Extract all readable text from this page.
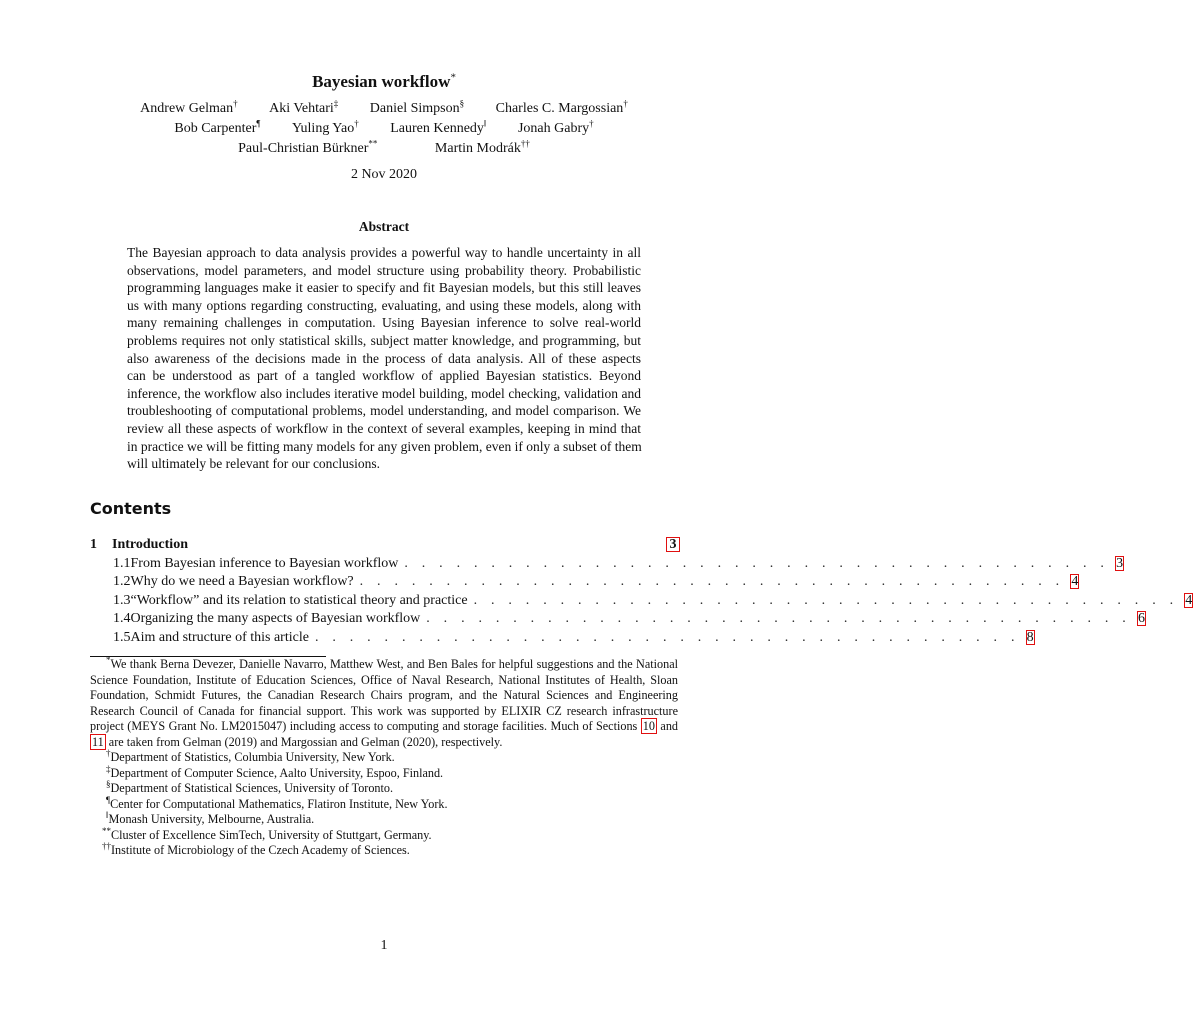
Bayesian workflow*
Andrew Gelman† Aki Vehtari‡ Daniel Simpson§ Charles C. Margossian†
Bob Carpenter¶ Yuling Yao† Lauren Kennedy‖ Jonah Gabry†
Paul-Christian Bürkner**	Martin Modrák††
2 Nov 2020
Abstract
The Bayesian approach to data analysis provides a powerful way to handle uncertainty in all
observations, model parameters, and model structure using probability theory. Probabilistic
programming languages make it easier to specify and fit Bayesian models, but this still leaves
us with many options regarding constructing, evaluating, and using these models, along with
many remaining challenges in computation. Using Bayesian inference to solve real-world
problems requires not only statistical skills, subject matter knowledge, and programming, but
also awareness of the decisions made in the process of data analysis. All of these aspects
can be understood as part of a tangled workflow of applied Bayesian statistics. Beyond
inference, the workflow also includes iterative model building, model checking, validation and
troubleshooting of computational problems, model understanding, and model comparison. We
review all these aspects of workflow in the context of several examples, keeping in mind that
in practice we will be fitting many models for any given problem, even if only a subset of them
will ultimately be relevant for our conclusions.
Contents
1	Introduction	3
1.1 From Bayesian inference to Bayesian workflow . . . . . . . . . . . . . . . . . . . . . . . . . . . . . . . . . . . . . . . . . 3
1.2 Why do we need a Bayesian workflow? . . . . . . . . . . . . . . . . . . . . . . . . . . . . . . . . . . . . . . . . . 4
1.3 “Workflow” and its relation to statistical theory and practice . . . . . . . . . . . . . . . . . . . . . . . . . . . . . . . . . . . . . . . . . 4
1.4 Organizing the many aspects of Bayesian workflow . . . . . . . . . . . . . . . . . . . . . . . . . . . . . . . . . . . . . . . . . 6
1.5 Aim and structure of this article . . . . . . . . . . . . . . . . . . . . . . . . . . . . . . . . . . . . . . . . . 8
*We thank Berna Devezer, Danielle Navarro, Matthew West, and Ben Bales for helpful suggestions and the National
Science Foundation, Institute of Education Sciences, Office of Naval Research, National Institutes of Health, Sloan
Foundation, Schmidt Futures, the Canadian Research Chairs program, and the Natural Sciences and Engineering
Research Council of Canada for financial support. This work was supported by ELIXIR CZ research infrastructure
project (MEYS Grant No. LM2015047) including access to computing and storage facilities. Much of Sections 10 and
11 are taken from Gelman (2019) and Margossian and Gelman (2020), respectively.
†Department of Statistics, Columbia University, New York.
‡Department of Computer Science, Aalto University, Espoo, Finland.
§Department of Statistical Sciences, University of Toronto.
¶Center for Computational Mathematics, Flatiron Institute, New York.
‖Monash University, Melbourne, Australia.
**Cluster of Excellence SimTech, University of Stuttgart, Germany.
††Institute of Microbiology of the Czech Academy of Sciences.
1
